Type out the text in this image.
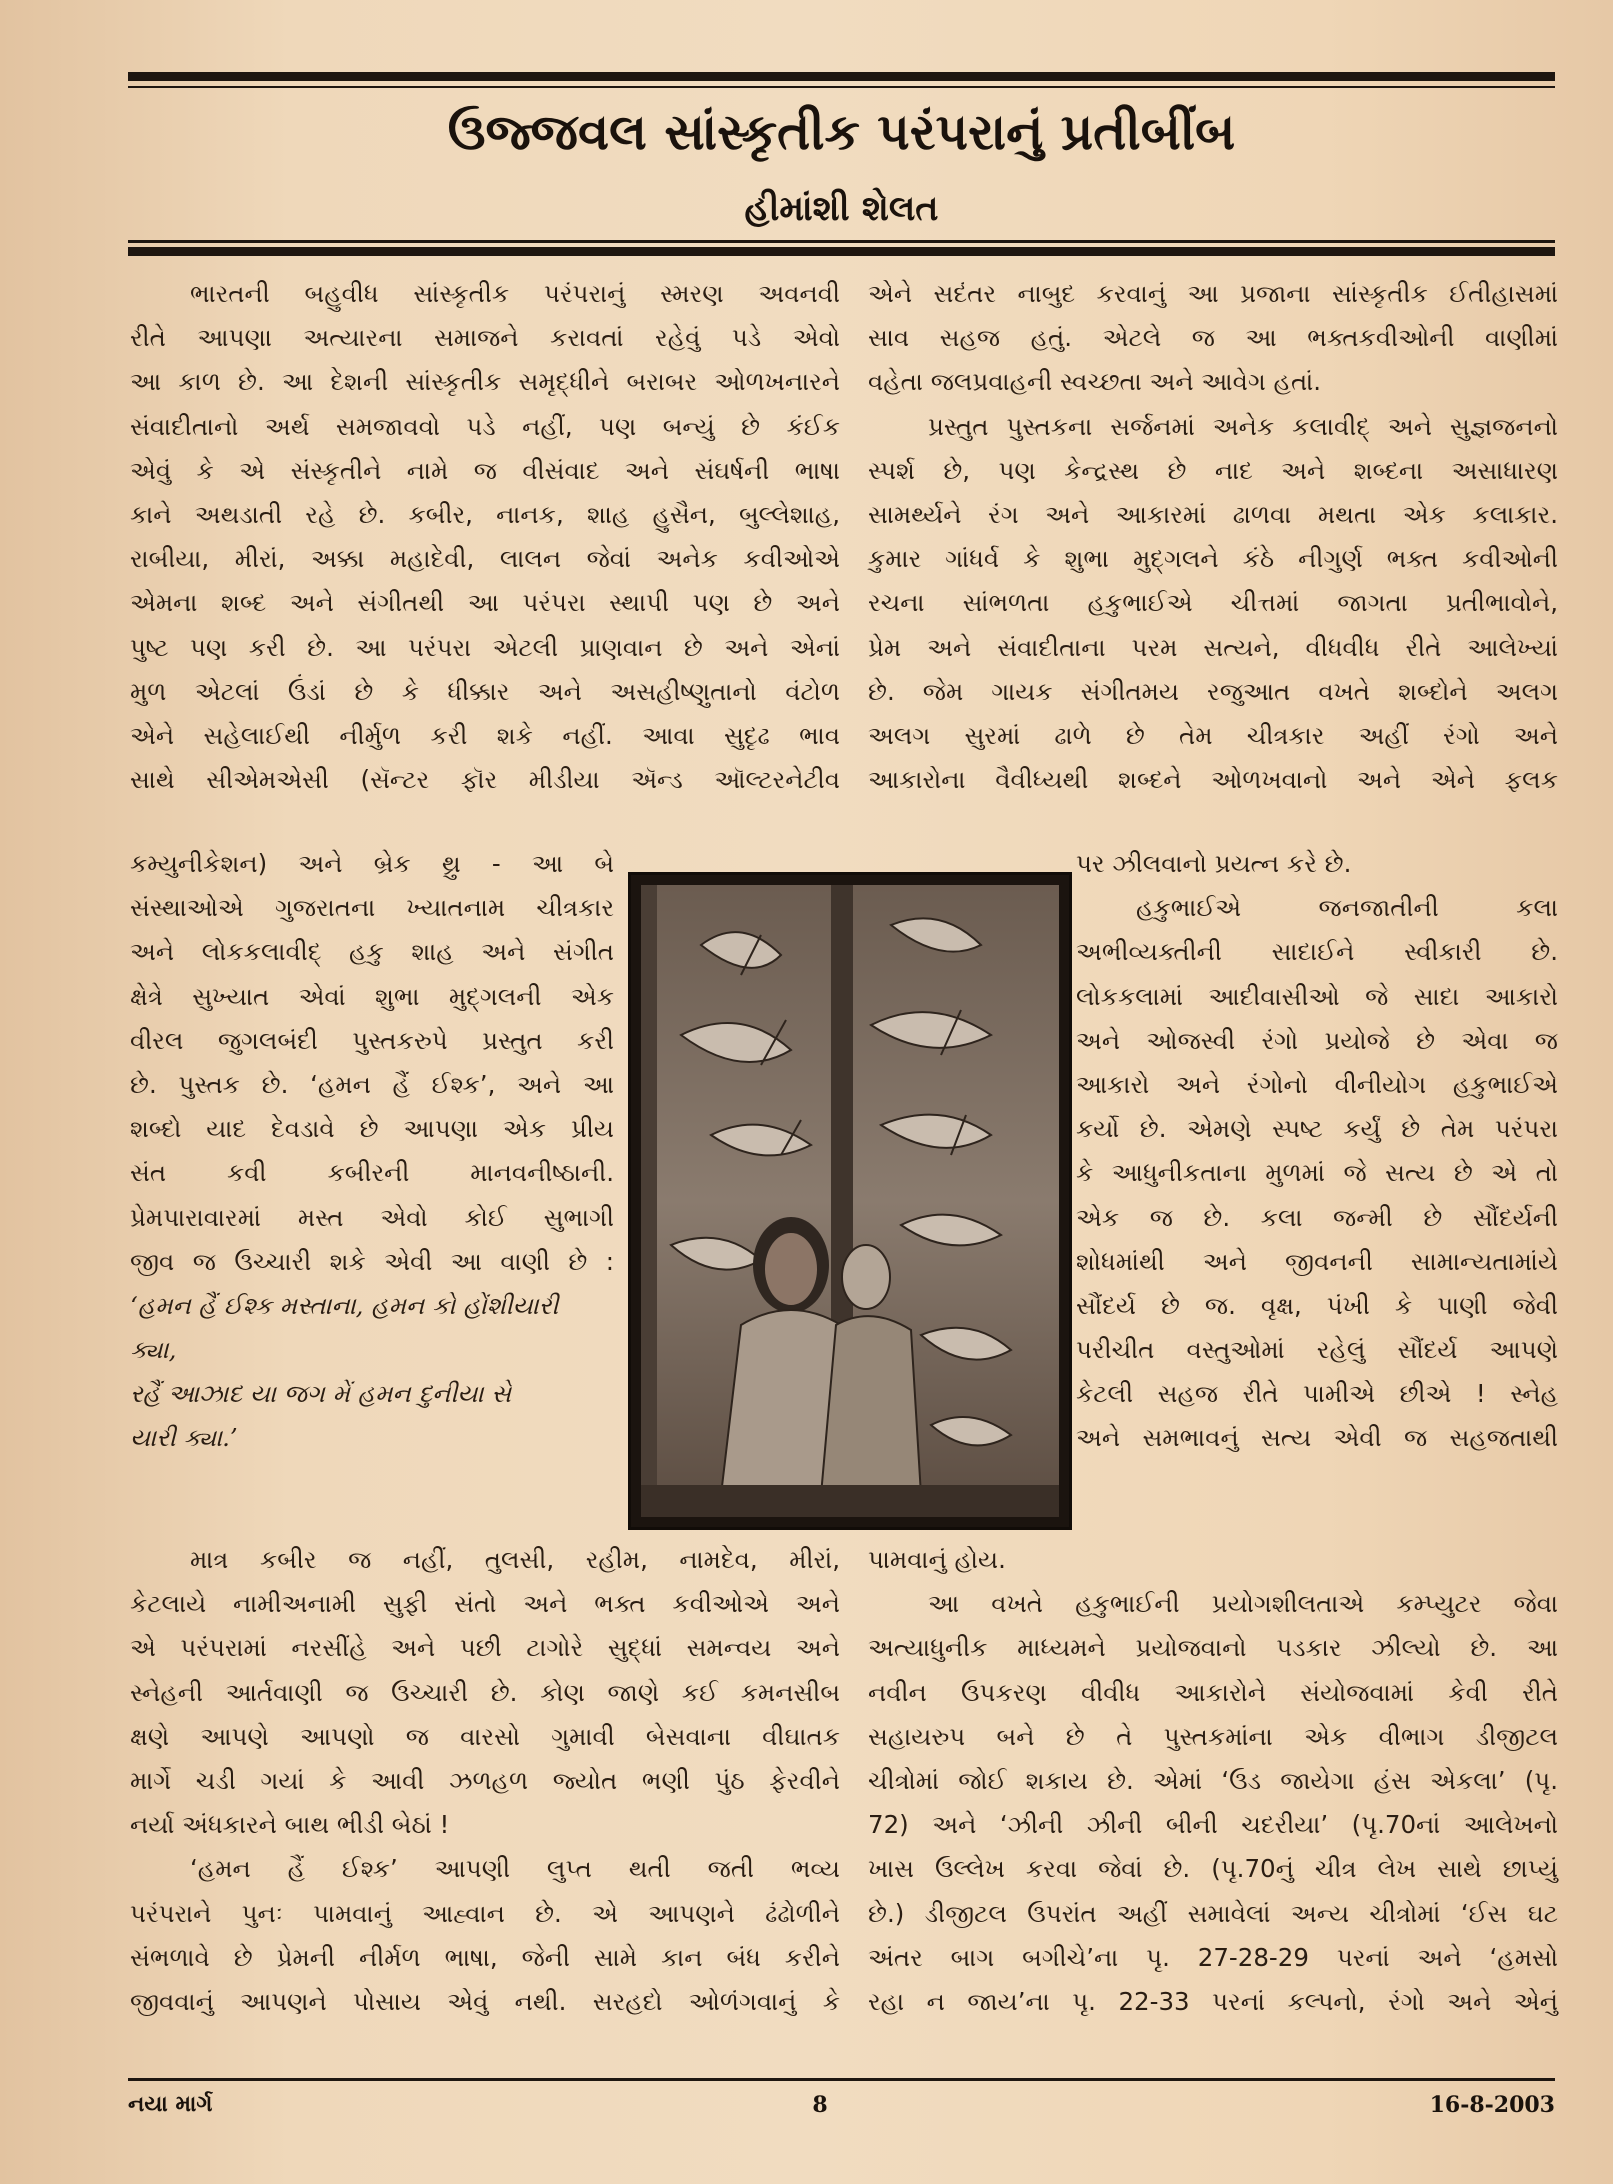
ઉજ્જવલ સાંસ્કૃતીક પરંપરાનું પ્રતીબીંબ
હીમાંશી શેલત
ભારતની બહુવીધ સાંસ્કૃતીક પરંપરાનું સ્મરણ અવનવી
રીતે આપણા અત્યારના સમાજને કરાવતાં રહેવું પડે એવો
આ કાળ છે. આ દેશની સાંસ્કૃતીક સમૃદ્ધીને બરાબર ઓળખનારને
સંવાદીતાનો અર્થ સમજાવવો પડે નહીં, પણ બન્યું છે કંઈક
એવું કે એ સંસ્કૃતીને નામે જ વીસંવાદ અને સંઘર્ષની ભાષા
કાને અથડાતી રહે છે. કબીર, નાનક, શાહ હુસૈન, બુલ્લેશાહ,
રાબીયા, મીરાં, અક્કા મહાદેવી, લાલન જેવાં અનેક કવીઓએ
એમના શબ્દ અને સંગીતથી આ પરંપરા સ્થાપી પણ છે અને
પુષ્ટ પણ કરી છે. આ પરંપરા એટલી પ્રાણવાન છે અને એનાં
મુળ એટલાં ઉંડાં છે કે ધીક્કાર અને અસહીષ્ણુતાનો વંટોળ
એને સહેલાઈથી નીર્મુળ કરી શકે નહીં. આવા સુદૃઢ ભાવ
સાથે સીએમએસી (સૅન્ટર ફૉર મીડીયા ઍન્ડ ઑલ્ટરનેટીવ
કમ્યુનીકેશન) અને બ્રેક થ્રુ - આ બે
સંસ્થાઓએ ગુજરાતના ખ્યાતનામ ચીત્રકાર
અને લોકકલાવીદ્ હકુ શાહ અને સંગીત
ક્ષેત્રે સુખ્યાત એવાં શુભા મુદ્ગલની એક
વીરલ જુગલબંદી પુસ્તકરુપે પ્રસ્તુત કરી
છે. પુસ્તક છે. ‘હમન હૈં ઈશ્ક’, અને આ
શબ્દો યાદ દેવડાવે છે આપણા એક પ્રીય
સંત કવી કબીરની માનવનીષ્ઠાની.
પ્રેમપારાવારમાં મસ્ત એવો કોઈ સુભાગી
જીવ જ ઉચ્ચારી શકે એવી આ વાણી છે :
‘હમન હૈં ઈશ્ક મસ્તાના, હમન કો હોંશીયારી
ક્યા,
રહૈં આઝાદ યા જગ મેં હમન દુનીયા સે
યારી ક્યા.’
માત્ર કબીર જ નહીં, તુલસી, રહીમ, નામદેવ, મીરાં,
કેટલાયે નામીઅનામી સુફી સંતો અને ભક્ત કવીઓએ અને
એ પરંપરામાં નરસીંહે અને પછી ટાગોરે સુદ્ધાં સમન્વય અને
સ્નેહની આર્તવાણી જ ઉચ્ચારી છે. કોણ જાણે કઈ કમનસીબ
ક્ષણે આપણે આપણો જ વારસો ગુમાવી બેસવાના વીઘાતક
માર્ગે ચડી ગયાં કે આવી ઝળહળ જ્યોત ભણી પુંઠ ફેરવીને
નર્યા અંધકારને બાથ ભીડી બેઠાં !
‘હમન હૈં ઈશ્ક’ આપણી લુપ્ત થતી જતી ભવ્ય
પરંપરાને પુનઃ પામવાનું આહ્વાન છે. એ આપણને ઢંઢોળીને
સંભળાવે છે પ્રેમની નીર્મળ ભાષા, જેની સામે કાન બંધ કરીને
જીવવાનું આપણને પોસાય એવું નથી. સરહદો ઓળંગવાનું કે
એને સદંતર નાબુદ કરવાનું આ પ્રજાના સાંસ્કૃતીક ઈતીહાસમાં
સાવ સહજ હતું. એટલે જ આ ભક્તકવીઓની વાણીમાં
વહેતા જલપ્રવાહની સ્વચ્છતા અને આવેગ હતાં.
પ્રસ્તુત પુસ્તકના સર્જનમાં અનેક કલાવીદ્ અને સુજ્ઞજનનો
સ્પર્શ છે, પણ કેન્દ્રસ્થ છે નાદ અને શબ્દના અસાધારણ
સામર્થ્યને રંગ અને આકારમાં ઢાળવા મથતા એક કલાકાર.
કુમાર ગાંધર્વ કે શુભા મુદ્ગલને કંઠે નીગુર્ણ ભક્ત કવીઓની
રચના સાંભળતા હકુભાઈએ ચીત્તમાં જાગતા પ્રતીભાવોને,
પ્રેમ અને સંવાદીતાના પરમ સત્યને, વીધવીધ રીતે આલેખ્યાં
છે. જેમ ગાયક સંગીતમય રજુઆત વખતે શબ્દોને અલગ
અલગ સુરમાં ઢાળે છે તેમ ચીત્રકાર અહીં રંગો અને
આકારોના વૈવીધ્યથી શબ્દને ઓળખવાનો અને એને ફલક
પર ઝીલવાનો પ્રયત્ન કરે છે.
હકુભાઈએ જનજાતીની કલા
અભીવ્યક્તીની સાદાઈને સ્વીકારી છે.
લોકકલામાં આદીવાસીઓ જે સાદા આકારો
અને ઓજસ્વી રંગો પ્રયોજે છે એવા જ
આકારો અને રંગોનો વીનીયોગ હકુભાઈએ
કર્યો છે. એમણે સ્પષ્ટ કર્યું છે તેમ પરંપરા
કે આધુનીકતાના મુળમાં જે સત્ય છે એ તો
એક જ છે. કલા જન્મી છે સૌંદર્યની
શોધમાંથી અને જીવનની સામાન્યતામાંયે
સૌંદર્ય છે જ. વૃક્ષ, પંખી કે પાણી જેવી
પરીચીત વસ્તુઓમાં રહેલું સૌંદર્ય આપણે
કેટલી સહજ રીતે પામીએ છીએ ! સ્નેહ
અને સમભાવનું સત્ય એવી જ સહજતાથી
પામવાનું હોય.
આ વખતે હકુભાઈની પ્રયોગશીલતાએ કમ્પ્યુટર જેવા
અત્યાધુનીક માધ્યમને પ્રયોજવાનો પડકાર ઝીલ્યો છે. આ
નવીન ઉપકરણ વીવીધ આકારોને સંયોજવામાં કેવી રીતે
સહાયરુપ બને છે તે પુસ્તકમાંના એક વીભાગ ડીજીટલ
ચીત્રોમાં જોઈ શકાય છે. એમાં ‘ઉડ જાયેગા હંસ એકલા’ (પૃ.
72) અને ‘ઝીની ઝીની બીની ચદરીયા’ (પૃ.70નાં આલેખનો
ખાસ ઉલ્લેખ કરવા જેવાં છે. (પૃ.70નું ચીત્ર લેખ સાથે છાપ્યું
છે.) ડીજીટલ ઉપરાંત અહીં સમાવેલાં અન્ય ચીત્રોમાં ‘ઈસ ઘટ
અંતર બાગ બગીચે’ના પૃ. 27-28-29 પરનાં અને ‘હમસો
રહા ન જાય’ના પૃ. 22-33 પરનાં કલ્પનો, રંગો અને એનું
નયા માર્ગ	8	16-8-2003
